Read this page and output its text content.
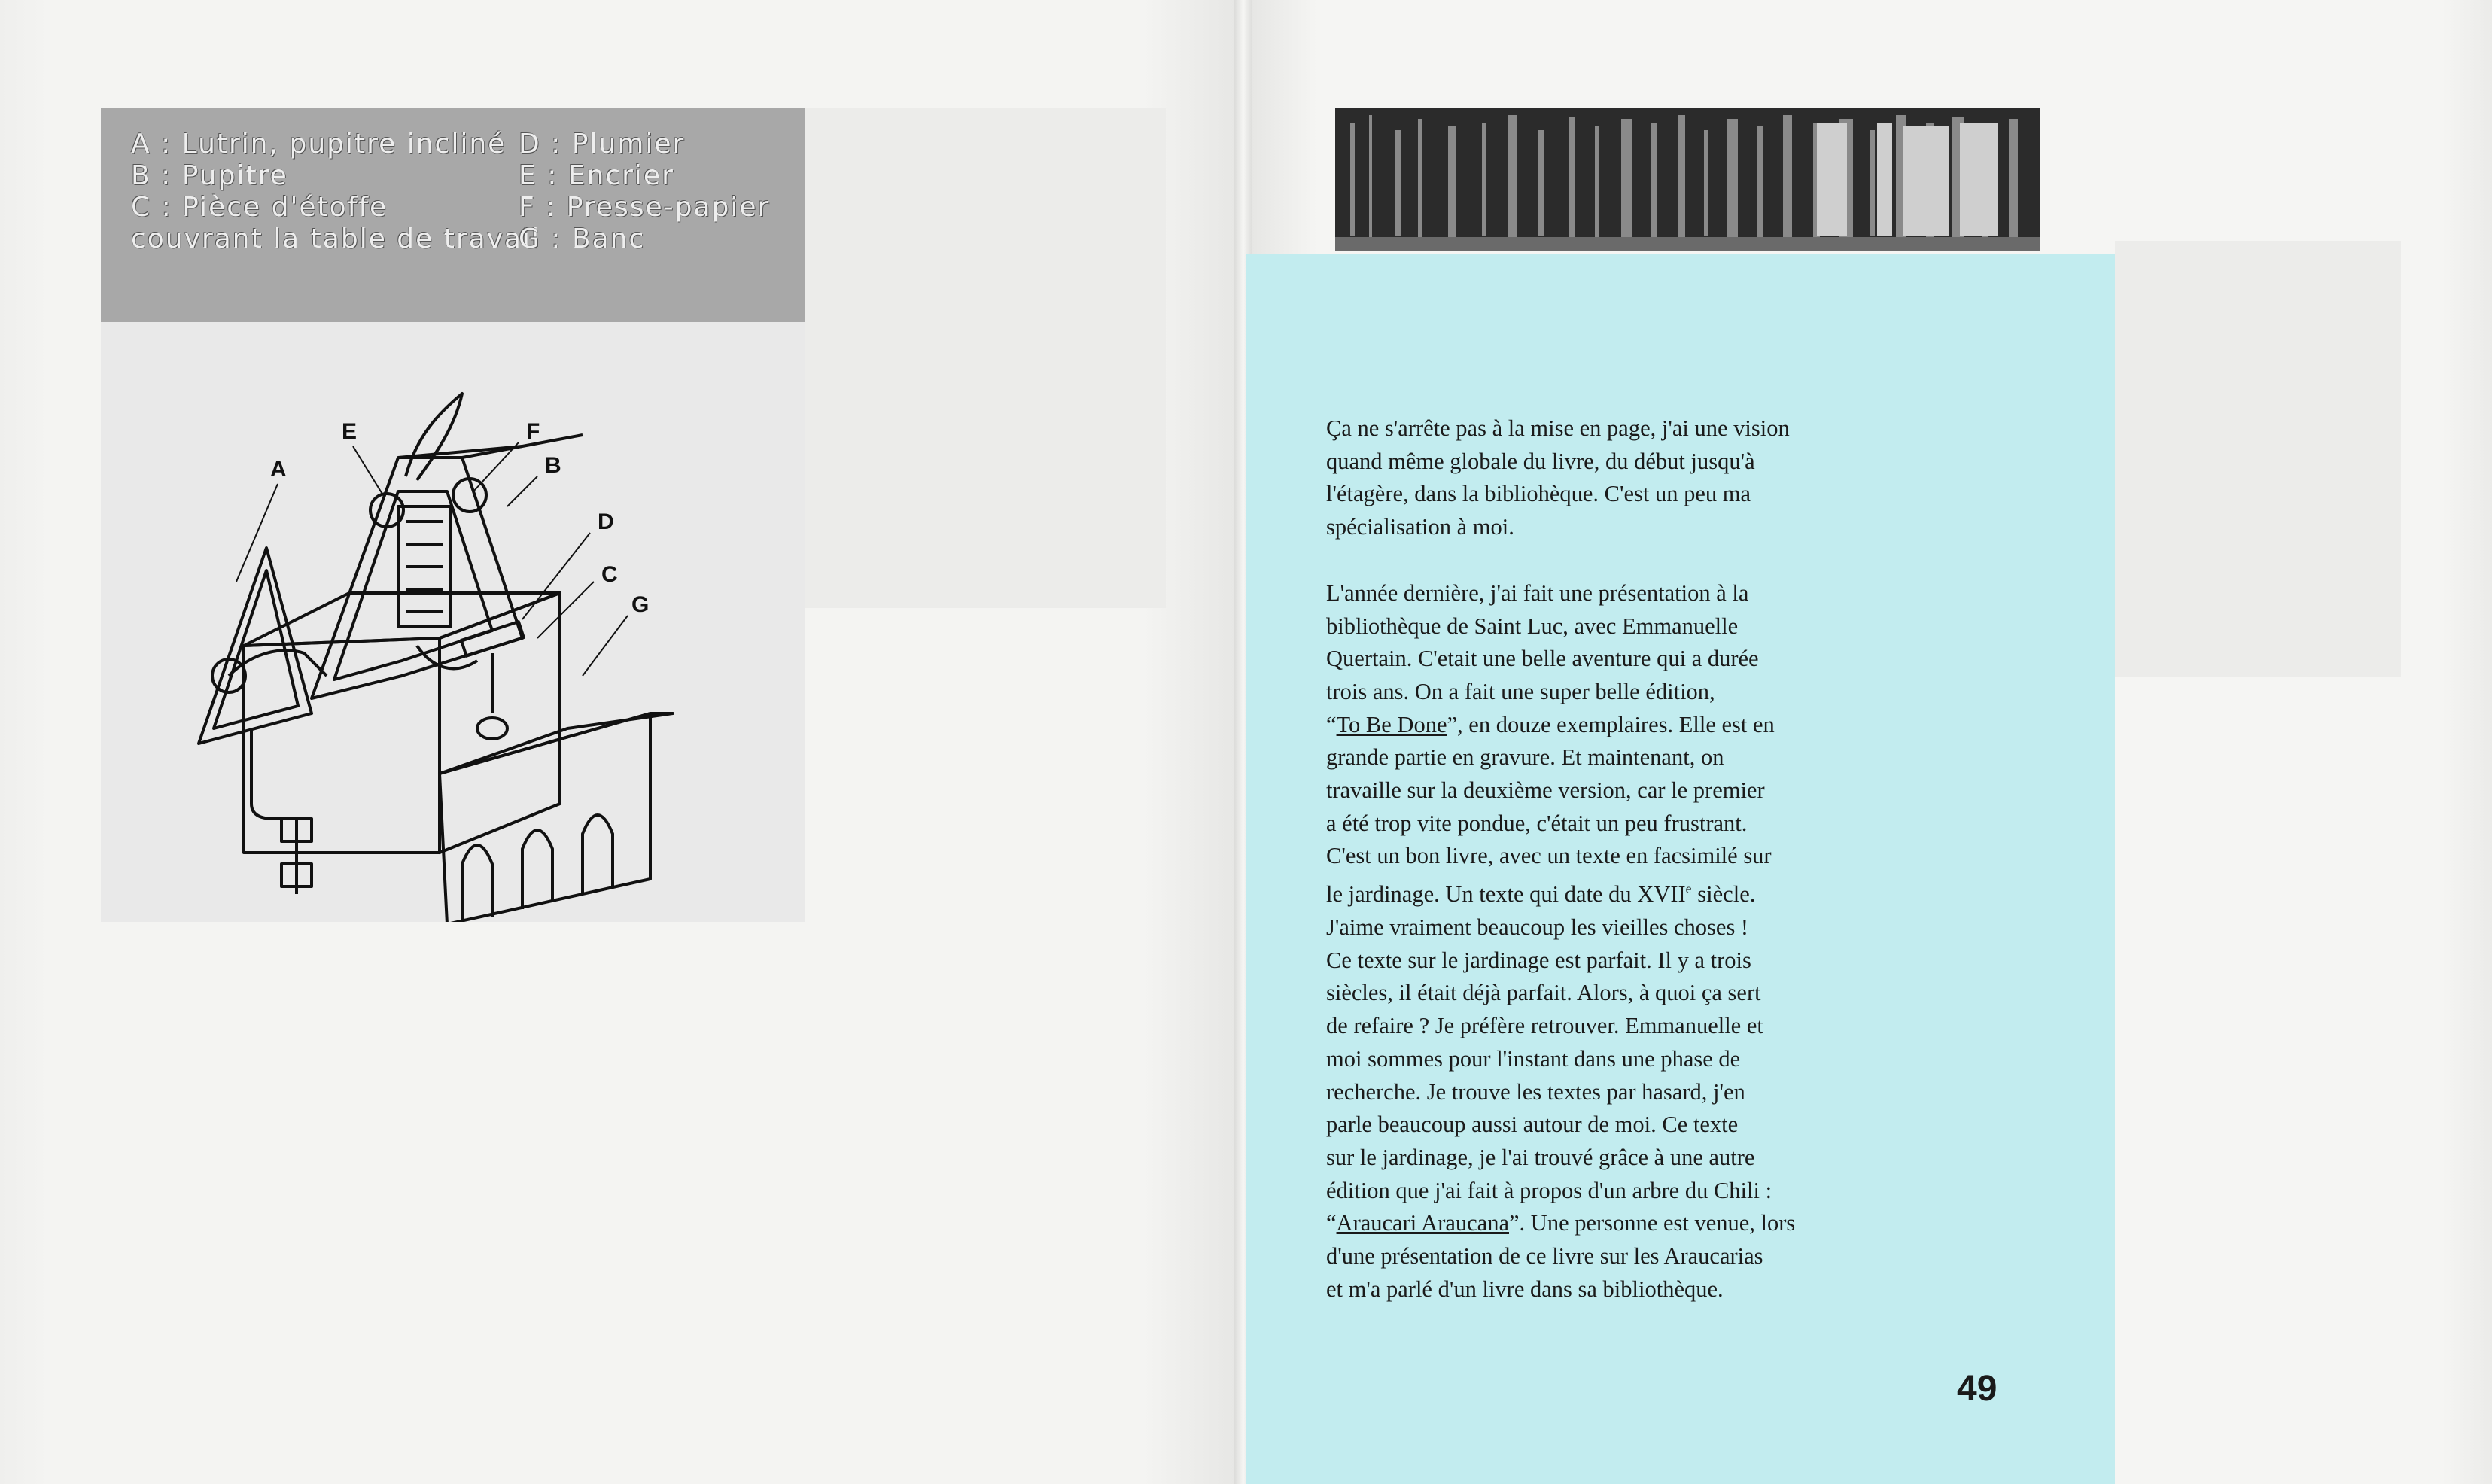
A : Lutrin, pupitre incliné
B : Pupitre
C : Pièce d'étoffe
couvrant la table de travail
D : Plumier
E : Encrier
F : Presse-papier
G : Banc
A
E	F
B
D
C
G

Ça ne s'arrête pas à la mise en page, j'ai une vision
quand même globale du livre, du début jusqu'à
l'étagère, dans la bibliohèque. C'est un peu ma
spécialisation à moi.

L'année dernière, j'ai fait une présentation à la
bibliothèque de Saint Luc, avec Emmanuelle
Quertain. C'etait une belle aventure qui a durée
trois ans. On a fait une super belle édition,
“To Be Done”, en douze exemplaires. Elle est en
grande partie en gravure. Et maintenant, on
travaille sur la deuxième version, car le premier
a été trop vite pondue, c'était un peu frustrant.
C'est un bon livre, avec un texte en facsimilé sur
le jardinage. Un texte qui date du XVIIe siècle.
J'aime vraiment beaucoup les vieilles choses !
Ce texte sur le jardinage est parfait. Il y a trois
siècles, il était déjà parfait. Alors, à quoi ça sert
de refaire ? Je préfère retrouver. Emmanuelle et
moi sommes pour l'instant dans une phase de
recherche. Je trouve les textes par hasard, j'en
parle beaucoup aussi autour de moi. Ce texte
sur le jardinage, je l'ai trouvé grâce à une autre
édition que j'ai fait à propos d'un arbre du Chili :
“Araucari Araucana”. Une personne est venue, lors
d'une présentation de ce livre sur les Araucarias
et m'a parlé d'un livre dans sa bibliothèque.

49
